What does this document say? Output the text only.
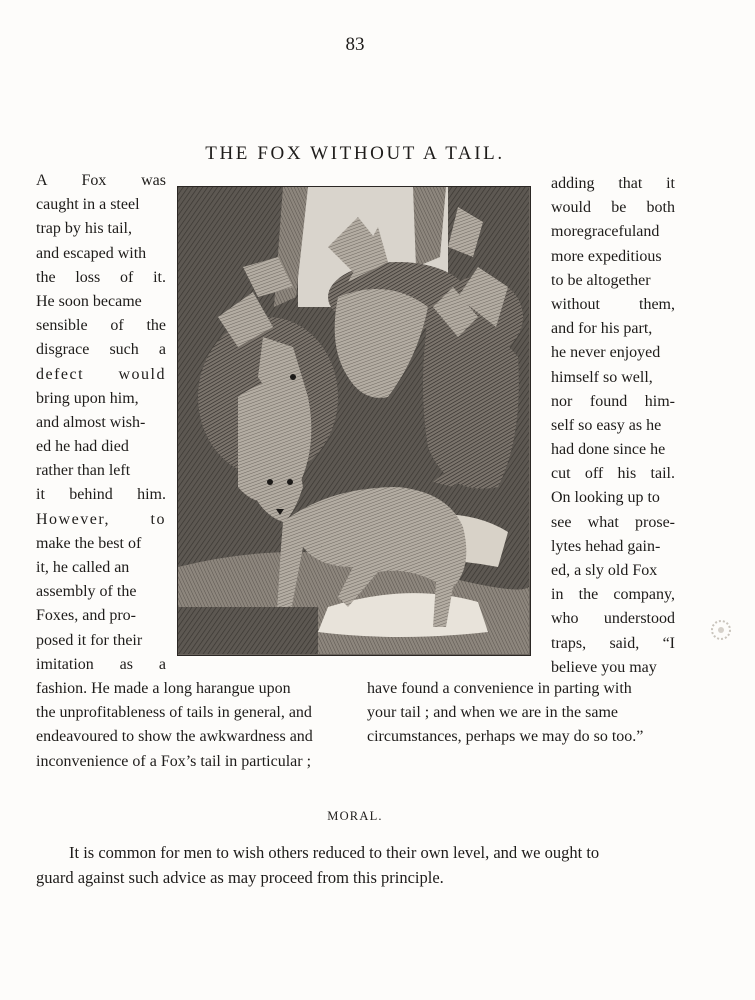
83
THE FOX WITHOUT A TAIL.
A Fox was
caught in a steel
trap by his tail,
and escaped with
the loss of it.
He soon became
sensible of the
disgrace such a
defect would
bring upon him,
and almost wish-
ed he had died
rather than left
it behind him.
However, to
make the best of
it, he called an
assembly of the
Foxes, and pro-
posed it for their
imitation as a
adding that it
would be both
moregracefuland
more expeditious
to be altogether
without them,
and for his part,
he never enjoyed
himself so well,
nor found him-
self so easy as he
had done since he
cut off his tail.
On looking up to
see what prose-
lytes hehad gain-
ed, a sly old Fox
in the company,
who understood
traps, said, “I
believe you may
fashion. He made a long harangue upon
the unprofitableness of tails in general, and
endeavoured to show the awkwardness and
inconvenience of a Fox’s tail in particular ;
have found a convenience in parting with
your tail ; and when we are in the same
circumstances, perhaps we may do so too.”
MORAL.
It is common for men to wish others reduced to their own level, and we ought to
guard against such advice as may proceed from this principle.
